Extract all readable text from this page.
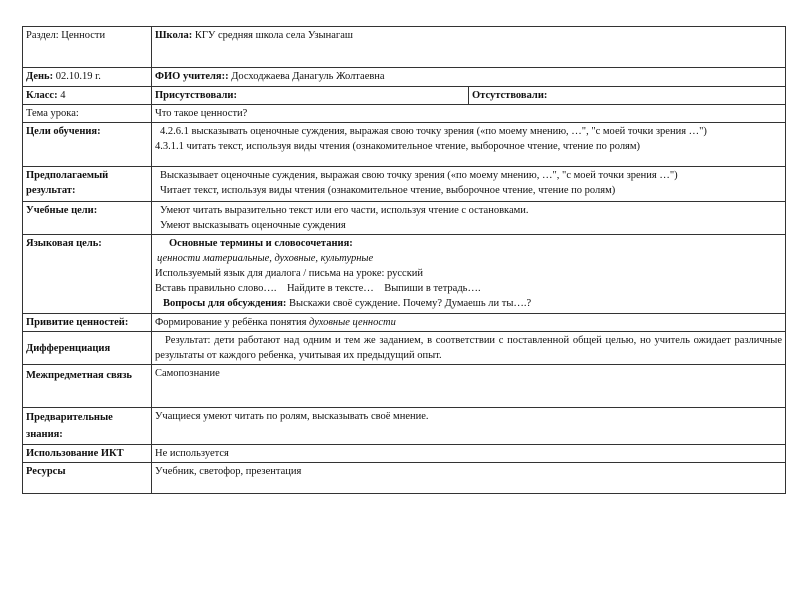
Раздел: Ценности	Школа: КГУ средняя школа села Узынагаш	
День: 02.10.19 г.	ФИО учителя:: Досходжаева Данагуль Жолтаевна	
Класс: 4	Присутствовали:	Отсутствовали:
Тема урока:	Что такое ценности?	
Цели обучения:	4.2.6.1 высказывать оценочные суждения, выражая свою точку зрения («по моему мнению, …", "с моей точки зрения …")
4.3.1.1 читать текст, используя виды чтения (ознакомительное чтение, выборочное чтение, чтение по ролям)	

Предполагаемый результат:	Высказывает оценочные суждения, выражая свою точку зрения («по моему мнению, …", "с моей точки зрения …")
Читает текст, используя виды чтения (ознакомительное чтение, выборочное чтение, чтение по ролям)	

Учебные цели:	Умеют читать выразительно текст или его части, используя чтение с остановками.
Умеют высказывать оценочные суждения	

Языковая цель:	Основные термины и словосочетания:
ценности материальные, духовные, культурные
Используемый язык для диалога / письма на уроке: русский
Вставь правильно слово….    Найдите в тексте…    Выпиши в тетрадь….
Вопросы для обсуждения: Выскажи своё суждение. Почему? Думаешь ли ты….?	

Привитие ценностей:	Формирование у ребёнка понятия духовные ценности	
Дифференциация	Результат: дети работают над одним и тем же заданием, в соответствии с поставленной общей целью, но учитель ожидает различные результаты от каждого ребенка, учитывая их предыдущий опыт.	
Межпредметная связь	Самопознание	
Предварительные знания:	Учащиеся умеют читать по ролям, высказывать своё мнение.	
Использование ИКТ	Не используется	
Ресурсы	Учебник, светофор, презентация	
